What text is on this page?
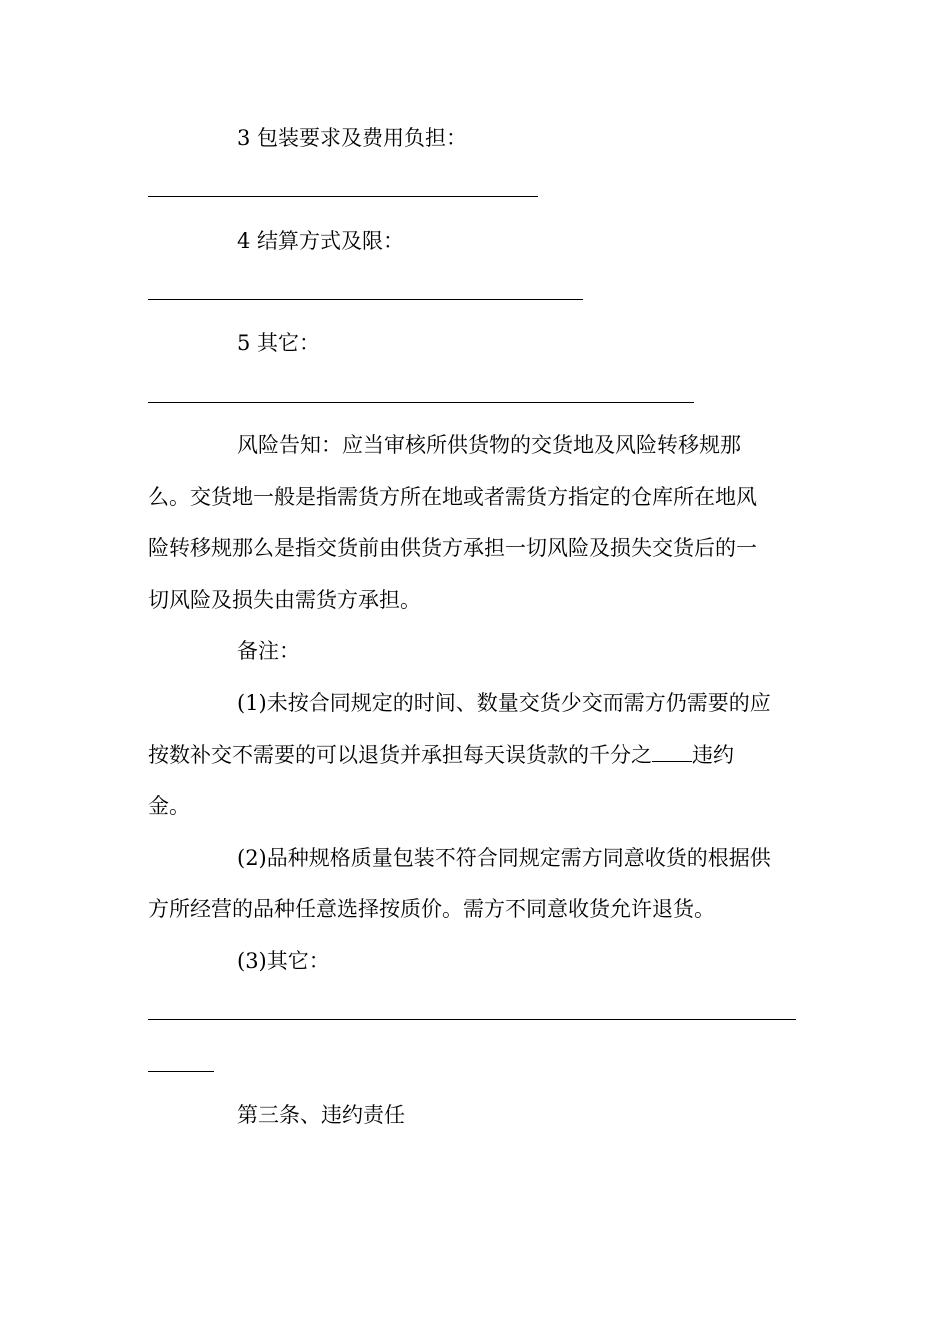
3 包装要求及费用负担：

4 结算方式及限：

5 其它：

风险告知：应当审核所供货物的交货地及风险转移规那

么。交货地一般是指需货方所在地或者需货方指定的仓库所在地风

险转移规那么是指交货前由供货方承担一切风险及损失交货后的一

切风险及损失由需货方承担。

备注：

(1)未按合同规定的时间、数量交货少交而需方仍需要的应

按数补交不需要的可以退货并承担每天误货款的千分之 违约

金。

(2)品种规格质量包装不符合同规定需方同意收货的根据供

方所经营的品种任意选择按质价。需方不同意收货允许退货。

(3)其它：

第三条、违约责任
